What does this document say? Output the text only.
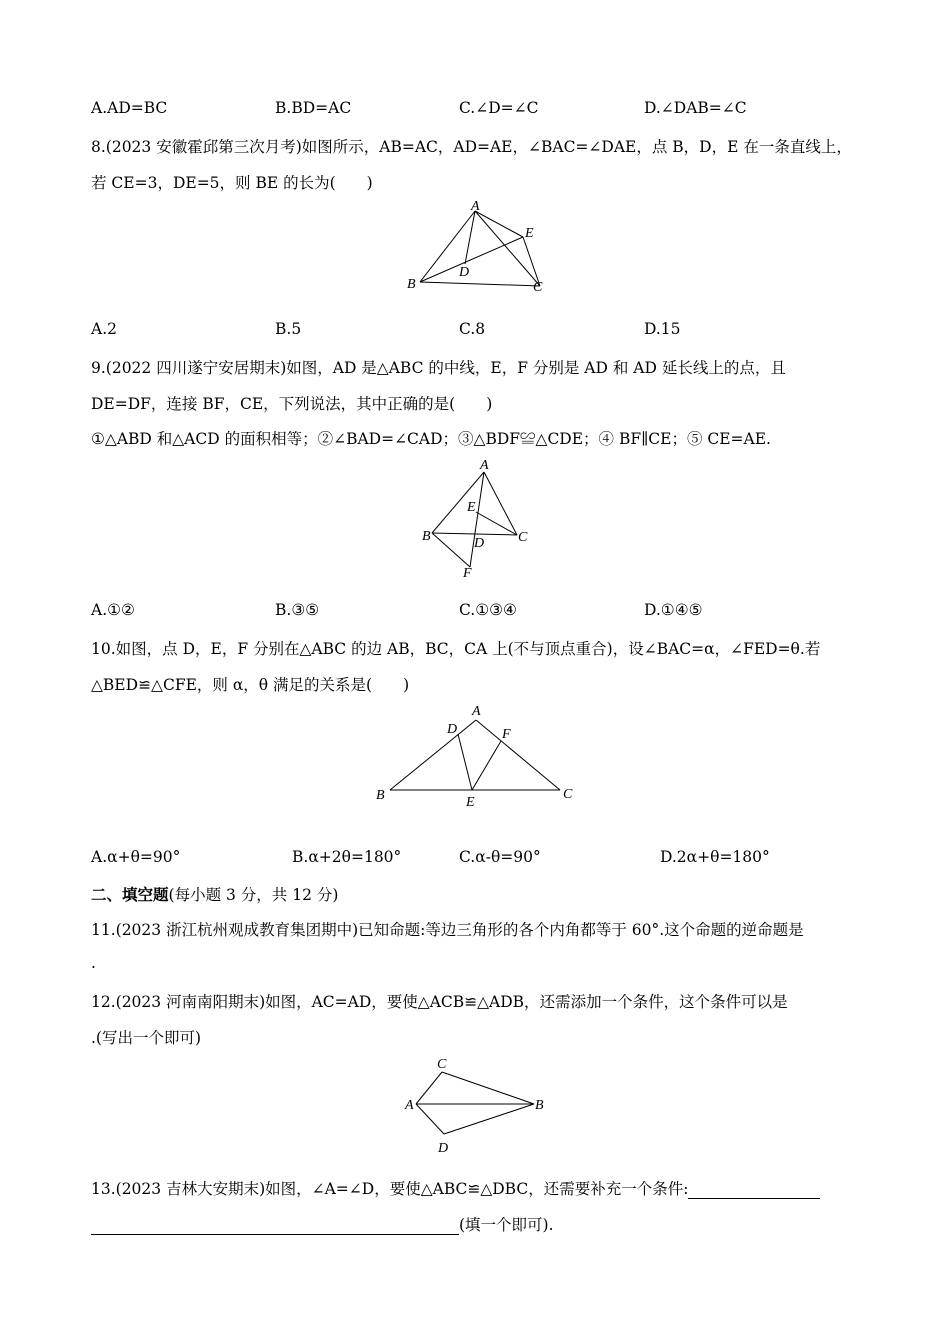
A.AD=BC	B.BD=AC	C.∠D=∠C	D.∠DAB=∠C
8.(2023 安徽霍邱第三次月考)如图所示，AB=AC，AD=AE，∠BAC=∠DAE，点 B，D，E 在一条直线上，
若 CE=3，DE=5，则 BE 的长为(　　)
A
E
D
B	C
A.2	B.5	C.8	D.15
9.(2022 四川遂宁安居期末)如图，AD 是△ABC 的中线，E，F 分别是 AD 和 AD 延长线上的点，且
DE=DF，连接 BF，CE，下列说法，其中正确的是(　　)
①△ABD 和△ACD 的面积相等；②∠BAD=∠CAD；③△BDF≌△CDE；④ BF∥CE；⑤ CE=AE.
A
E
B	D C
F
A.①②	B.③⑤	C.①③④	D.①④⑤
10.如图，点 D，E，F 分别在△ABC 的边 AB，BC，CA 上(不与顶点重合)，设∠BAC=α，∠FED=θ.若
△BED≌△CFE，则 α，θ 满足的关系是(　　)
A
D	F
B	E
C
A.α+θ=90°	B.α+2θ=180°	C.α-θ=90°	D.2α+θ=180°
二、填空题(每小题 3 分，共 12 分)
11.(2023 浙江杭州观成教育集团期中)已知命题:等边三角形的各个内角都等于 60°.这个命题的逆命题是
.
12.(2023 河南南阳期末)如图，AC=AD，要使△ACB≌△ADB，还需添加一个条件，这个条件可以是
.(写出一个即可)
C
A	B
D
13.(2023 吉林大安期末)如图，∠A=∠D，要使△ABC≌△DBC，还需要补充一个条件:
(填一个即可).
